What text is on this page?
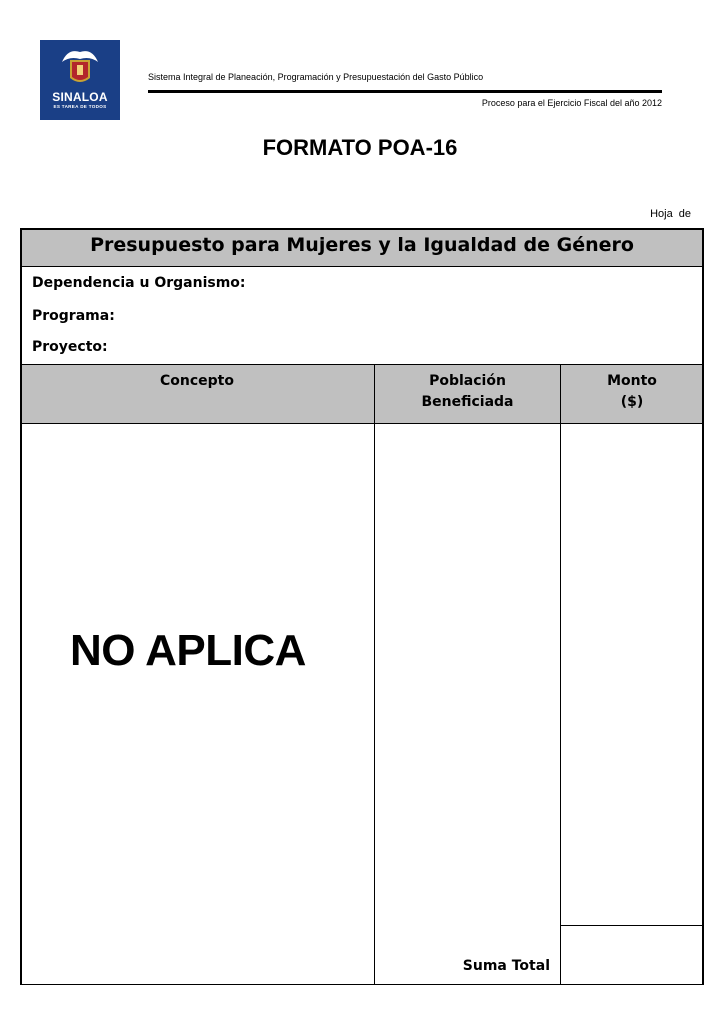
SINALOA
ES TAREA DE TODOS
Sistema Integral de Planeación, Programación y Presupuestación del Gasto Público
Proceso para el Ejercicio Fiscal del año 2012
FORMATO POA-16
Hoja de
Presupuesto para Mujeres y la Igualdad de Género
Dependencia u Organismo:
Programa:
Proyecto:
Concepto	Población
Beneficiada
Monto
($)
NO APLICA
Suma Total
